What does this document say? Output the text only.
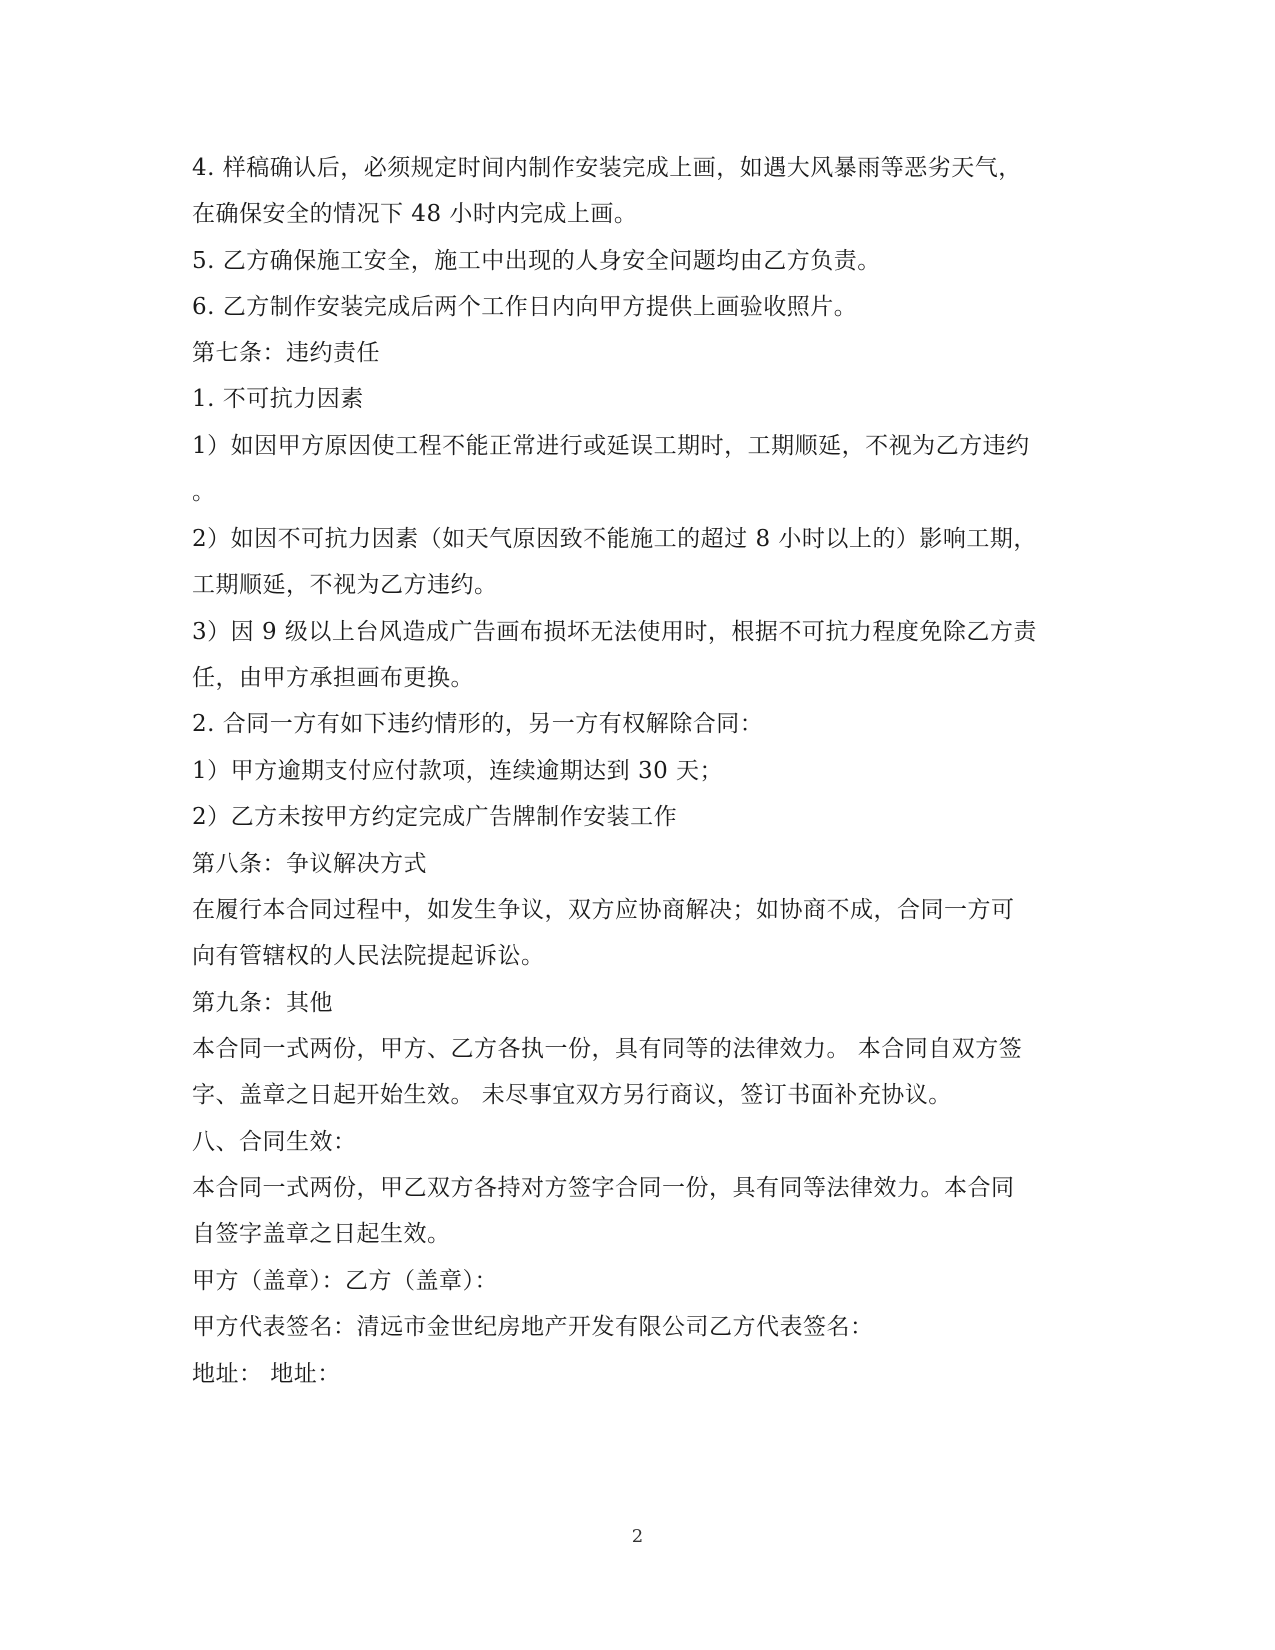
4. 样稿确认后，必须规定时间内制作安装完成上画，如遇大风暴雨等恶劣天气，
在确保安全的情况下 48 小时内完成上画。
5. 乙方确保施工安全，施工中出现的人身安全问题均由乙方负责。
6. 乙方制作安装完成后两个工作日内向甲方提供上画验收照片。
第七条：违约责任
1. 不可抗力因素
1）如因甲方原因使工程不能正常进行或延误工期时，工期顺延，不视为乙方违约
。
2）如因不可抗力因素（如天气原因致不能施工的超过 8 小时以上的）影响工期，
工期顺延，不视为乙方违约。
3）因 9 级以上台风造成广告画布损坏无法使用时，根据不可抗力程度免除乙方责
任，由甲方承担画布更换。
2. 合同一方有如下违约情形的，另一方有权解除合同：
1）甲方逾期支付应付款项，连续逾期达到 30 天；
2）乙方未按甲方约定完成广告牌制作安装工作
第八条：争议解决方式
在履行本合同过程中，如发生争议，双方应协商解决；如协商不成，合同一方可
向有管辖权的人民法院提起诉讼。
第九条：其他
本合同一式两份，甲方、乙方各执一份，具有同等的法律效力。 本合同自双方签
字、盖章之日起开始生效。 未尽事宜双方另行商议，签订书面补充协议。
八、合同生效：
本合同一式两份，甲乙双方各持对方签字合同一份，具有同等法律效力。本合同
自签字盖章之日起生效。
甲方（盖章）：乙方（盖章）：
甲方代表签名：清远市金世纪房地产开发有限公司乙方代表签名：
地址： 地址：
2
